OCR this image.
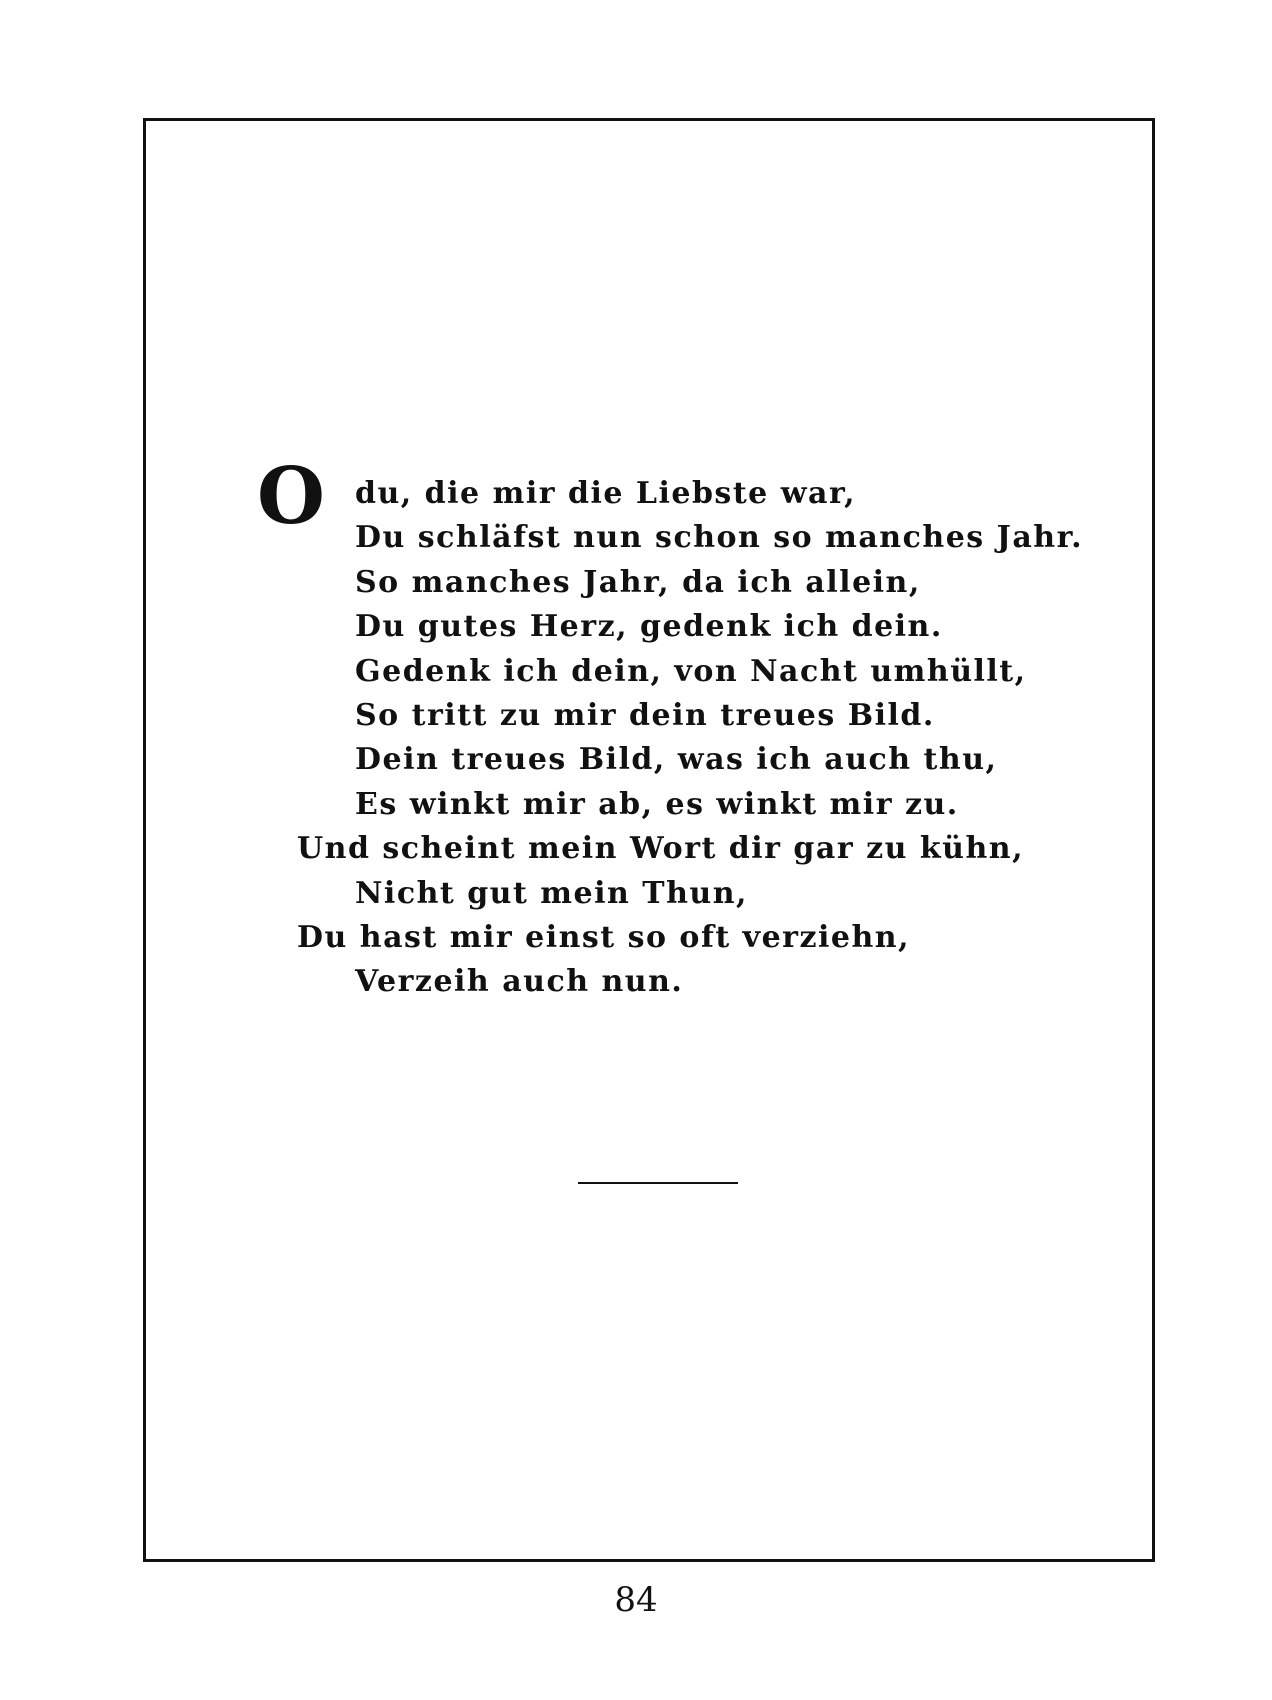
O du, die mir die Liebste war,
Du schläfst nun schon so manches Jahr.
So manches Jahr, da ich allein,
Du gutes Herz, gedenk ich dein.
Gedenk ich dein, von Nacht umhüllt,
So tritt zu mir dein treues Bild.
Dein treues Bild, was ich auch thu,
Es winkt mir ab, es winkt mir zu.
Und scheint mein Wort dir gar zu kühn,
Nicht gut mein Thun,
Du hast mir einst so oft verziehn,
Verzeih auch nun.
84
